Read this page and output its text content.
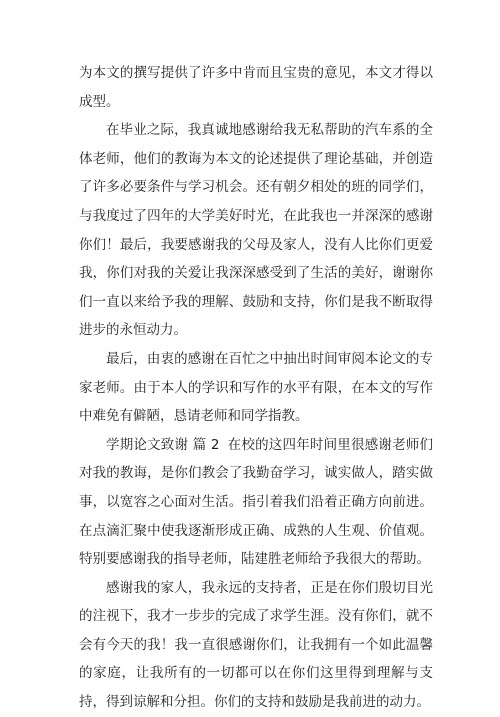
为本文的撰写提供了许多中肯而且宝贵的意见，本文才得以成型。

在毕业之际，我真诚地感谢给我无私帮助的汽车系的全体老师，他们的教诲为本文的论述提供了理论基础，并创造了许多必要条件与学习机会。还有朝夕相处的班的同学们，与我度过了四年的大学美好时光，在此我也一并深深的感谢你们！最后，我要感谢我的父母及家人，没有人比你们更爱我，你们对我的关爱让我深深感受到了生活的美好，谢谢你们一直以来给予我的理解、鼓励和支持，你们是我不断取得进步的永恒动力。

最后，由衷的感谢在百忙之中抽出时间审阅本论文的专家老师。由于本人的学识和写作的水平有限，在本文的写作中难免有僻陋，恳请老师和同学指教。

学期论文致谢 篇 2 在校的这四年时间里很感谢老师们对我的教诲，是你们教会了我勤奋学习，诚实做人，踏实做事，以宽容之心面对生活。指引着我们沿着正确方向前进。在点滴汇聚中使我逐渐形成正确、成熟的人生观、价值观。特别要感谢我的指导老师，陆建胜老师给予我很大的帮助。

感谢我的家人，我永远的支持者，正是在你们殷切目光的注视下，我才一步步的完成了求学生涯。没有你们，就不会有今天的我！我一直很感谢你们，让我拥有一个如此温馨的家庭，让我所有的一切都可以在你们这里得到理解与支持，得到谅解和分担。你们的支持和鼓励是我前进的动力。
